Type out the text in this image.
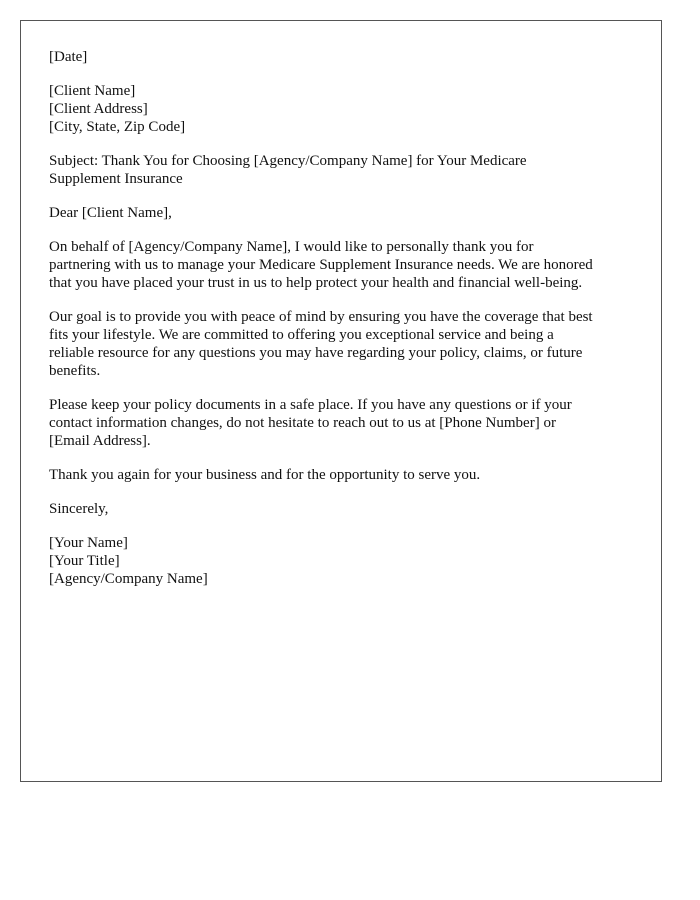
[Date]
[Client Name]
[Client Address]
[City, State, Zip Code]
Subject: Thank You for Choosing [Agency/Company Name] for Your Medicare
Supplement Insurance
Dear [Client Name],
On behalf of [Agency/Company Name], I would like to personally thank you for
partnering with us to manage your Medicare Supplement Insurance needs. We are honored
that you have placed your trust in us to help protect your health and financial well-being.
Our goal is to provide you with peace of mind by ensuring you have the coverage that best
fits your lifestyle. We are committed to offering you exceptional service and being a
reliable resource for any questions you may have regarding your policy, claims, or future
benefits.
Please keep your policy documents in a safe place. If you have any questions or if your
contact information changes, do not hesitate to reach out to us at [Phone Number] or
[Email Address].
Thank you again for your business and for the opportunity to serve you.
Sincerely,
[Your Name]
[Your Title]
[Agency/Company Name]
